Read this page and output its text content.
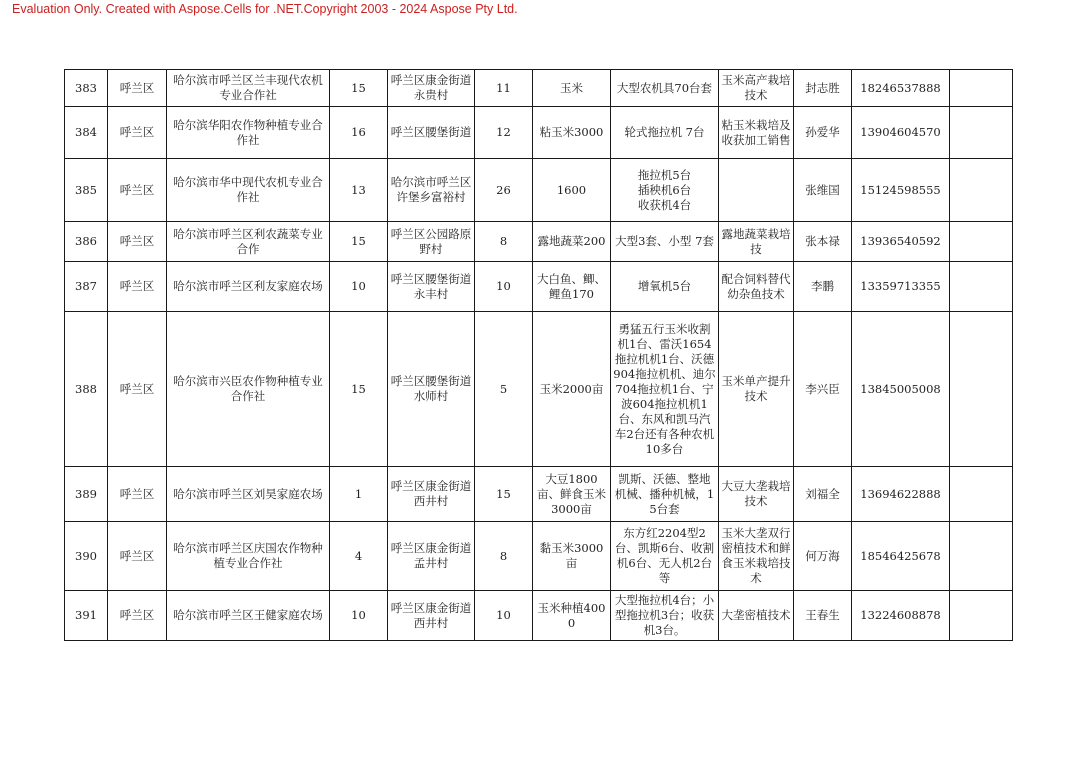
Evaluation Only. Created with Aspose.Cells for .NET.Copyright 2003 - 2024 Aspose Pty Ltd.
383	呼兰区	哈尔滨市呼兰区兰丰现代农机专业合作社	15	呼兰区康金街道永贵村	11	玉米	大型农机具70台套	玉米高产栽培技术	封志胜	18246537888	
384	呼兰区	哈尔滨华阳农作物种植专业合作社	16	呼兰区腰堡街道	12	粘玉米3000	轮式拖拉机 7台	粘玉米栽培及收获加工销售	孙爱华	13904604570	
385	呼兰区	哈尔滨市华中现代农机专业合作社	13	哈尔滨市呼兰区许堡乡富裕村	26	1600	拖拉机5台
插秧机6台
收获机4台		张维国	15124598555	
386	呼兰区	哈尔滨市呼兰区利农蔬菜专业合作	15	呼兰区公园路原野村	8	露地蔬菜200	大型3套、小型 7套	露地蔬菜栽培技	张本禄	13936540592	
387	呼兰区	哈尔滨市呼兰区利友家庭农场	10	呼兰区腰堡街道永丰村	10	大白鱼、鲫、鲤鱼170	增氧机5台	配合饲料替代幼杂鱼技术	李鹏	13359713355	
388	呼兰区	哈尔滨市兴臣农作物种植专业合作社	15	呼兰区腰堡街道水师村	5	玉米2000亩	勇猛五行玉米收割机1台、雷沃1654拖拉机机1台、沃德904拖拉机机、迪尔704拖拉机1台、宁波604拖拉机机1台、东风和凯马汽车2台还有各种农机10多台	玉米单产提升技术	李兴臣	13845005008	
389	呼兰区	哈尔滨市呼兰区刘昊家庭农场	1	呼兰区康金街道西井村	15	大豆1800亩、鲜食玉米3000亩	凯斯、沃德、整地机械、播种机械，15台套	大豆大垄栽培技术	刘福全	13694622888	
390	呼兰区	哈尔滨市呼兰区庆国农作物种植专业合作社	4	呼兰区康金街道孟井村	8	黏玉米3000亩	东方红2204型2台、凯斯6台、收割机6台、无人机2台等	玉米大垄双行密植技术和鲜食玉米栽培技术	何万海	18546425678	
391	呼兰区	哈尔滨市呼兰区王健家庭农场	10	呼兰区康金街道西井村	10	玉米种植4000	大型拖拉机4台；小型拖拉机3台；收获机3台。	大垄密植技术	王春生	13224608878	
